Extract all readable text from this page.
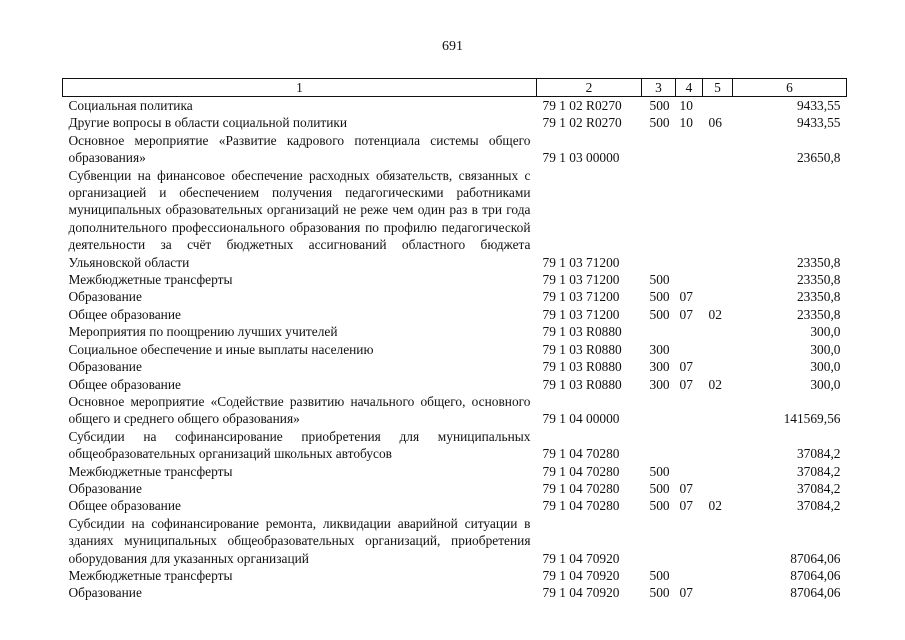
691
1	2	3	4	5	6
Социальная политика	79 1 02 R0270	500	10		9433,55
Другие вопросы в области социальной политики	79 1 02 R0270	500	10	06	9433,55
Основное мероприятие «Развитие кадрового потенциала системы общего образования»	79 1 03 00000				23650,8
Субвенции на финансовое обеспечение расходных обязательств, связанных с организацией и обеспечением получения педагогическими работниками муниципальных образовательных организаций не реже чем один раз в три года дополнительного профессионального образования по профилю педагогической деятельности за счёт бюджетных ассигнований областного бюджета Ульяновской области	79 1 03 71200				23350,8
Межбюджетные трансферты	79 1 03 71200	500			23350,8
Образование	79 1 03 71200	500	07		23350,8
Общее образование	79 1 03 71200	500	07	02	23350,8
Мероприятия по поощрению лучших учителей	79 1 03 R0880				300,0
Социальное обеспечение и иные выплаты населению	79 1 03 R0880	300			300,0
Образование	79 1 03 R0880	300	07		300,0
Общее образование	79 1 03 R0880	300	07	02	300,0
Основное мероприятие «Содействие развитию начального общего, основного общего и среднего общего образования»	79 1 04 00000				141569,56
Субсидии на софинансирование приобретения для муниципальных общеобразовательных организаций школьных автобусов	79 1 04 70280				37084,2
Межбюджетные трансферты	79 1 04 70280	500			37084,2
Образование	79 1 04 70280	500	07		37084,2
Общее образование	79 1 04 70280	500	07	02	37084,2
Субсидии на софинансирование ремонта, ликвидации аварийной ситуации в зданиях муниципальных общеобразовательных организаций, приобретения оборудования для указанных организаций	79 1 04 70920				87064,06
Межбюджетные трансферты	79 1 04 70920	500			87064,06
Образование	79 1 04 70920	500	07		87064,06
